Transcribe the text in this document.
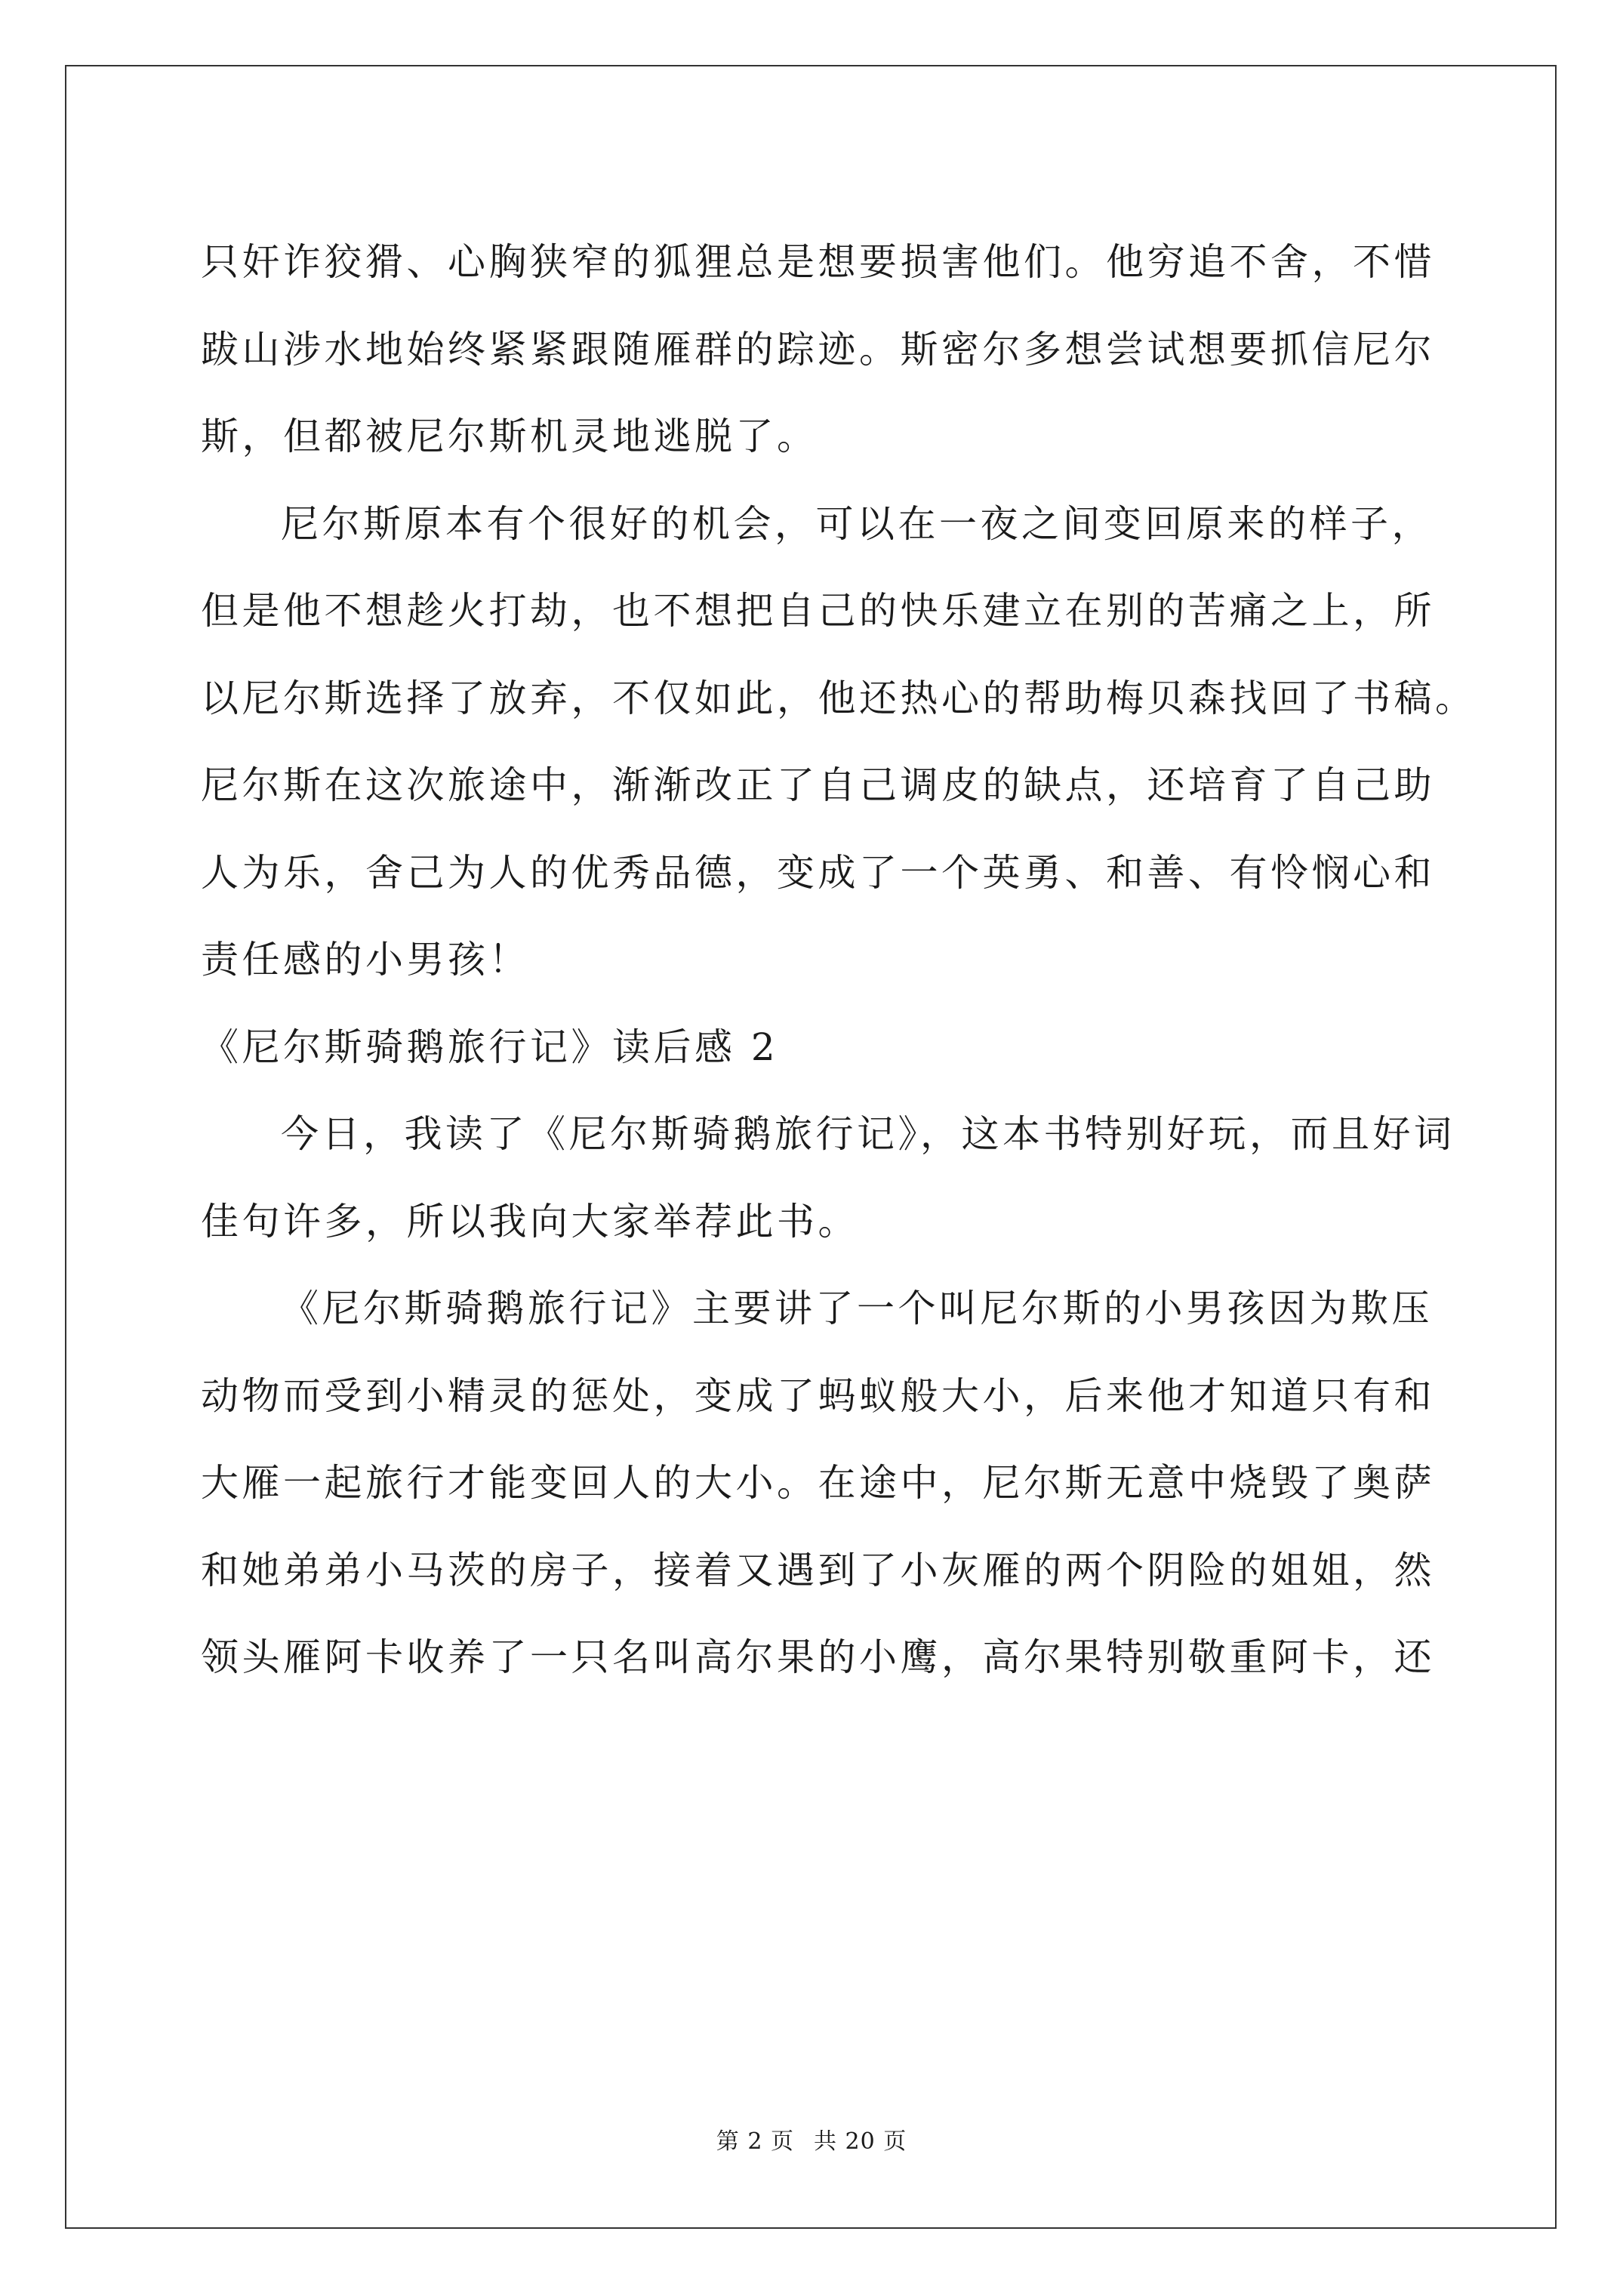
只奸诈狡猾、心胸狭窄的狐狸总是想要损害他们。他穷追不舍，不惜
跋山涉水地始终紧紧跟随雁群的踪迹。斯密尔多想尝试想要抓信尼尔
斯，但都被尼尔斯机灵地逃脱了。
尼尔斯原本有个很好的机会，可以在一夜之间变回原来的样子，
但是他不想趁火打劫，也不想把自己的快乐建立在别的苦痛之上，所
以尼尔斯选择了放弃，不仅如此，他还热心的帮助梅贝森找回了书稿。
尼尔斯在这次旅途中，渐渐改正了自己调皮的缺点，还培育了自己助
人为乐，舍己为人的优秀品德，变成了一个英勇、和善、有怜悯心和
责任感的小男孩！
《尼尔斯骑鹅旅行记》读后感 2
今日，我读了《尼尔斯骑鹅旅行记》，这本书特别好玩，而且好词
佳句许多，所以我向大家举荐此书。
《尼尔斯骑鹅旅行记》主要讲了一个叫尼尔斯的小男孩因为欺压
动物而受到小精灵的惩处，变成了蚂蚁般大小，后来他才知道只有和
大雁一起旅行才能变回人的大小。在途中，尼尔斯无意中烧毁了奥萨
和她弟弟小马茨的房子，接着又遇到了小灰雁的两个阴险的姐姐，然
领头雁阿卡收养了一只名叫高尔果的小鹰，高尔果特别敬重阿卡，还
第 2 页 共 20 页
